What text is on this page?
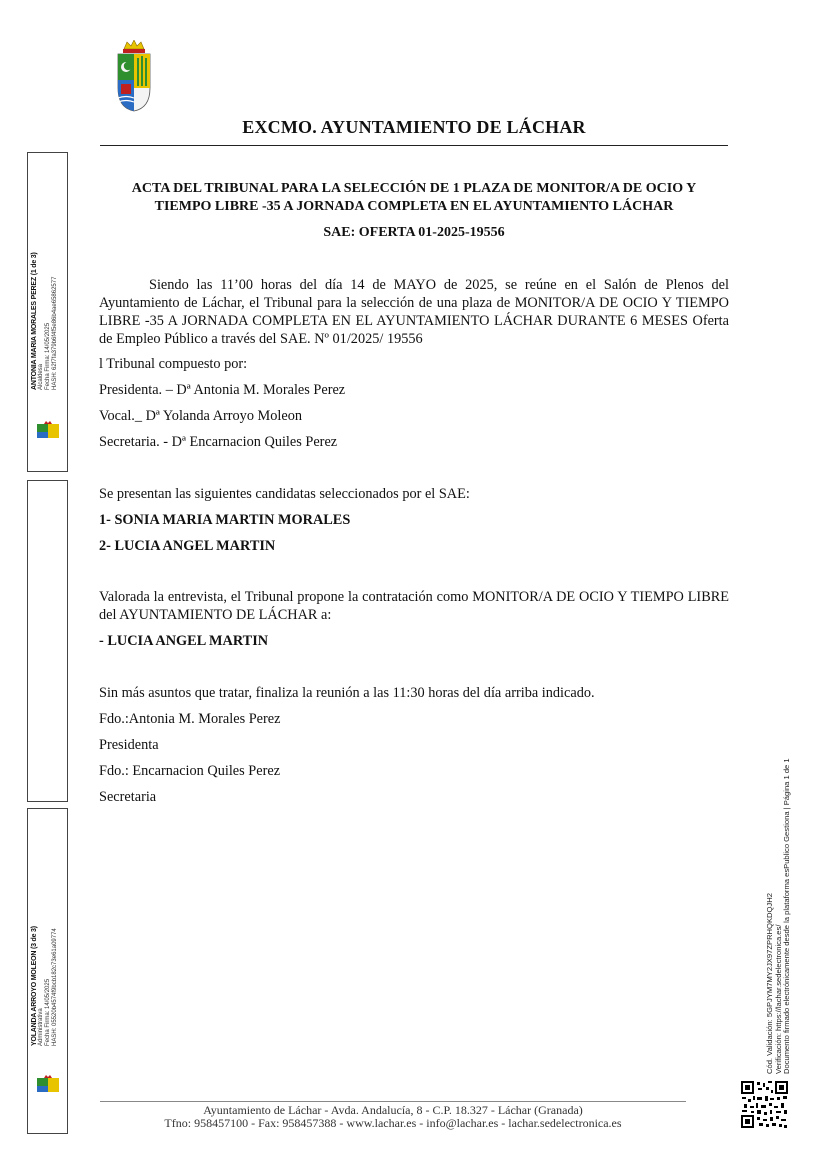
EXCMO. AYUNTAMIENTO DE LÁCHAR
ACTA DEL TRIBUNAL PARA LA SELECCIÓN DE 1 PLAZA DE MONITOR/A DE OCIO Y
TIEMPO LIBRE -35 A JORNADA COMPLETA EN EL AYUNTAMIENTO LÁCHAR
SAE: OFERTA 01-2025-19556
Siendo las 11’00 horas del día 14 de MAYO de 2025, se reúne en el Salón de Plenos del Ayuntamiento de Láchar, el Tribunal para la selección de una plaza de MONITOR/A DE OCIO Y TIEMPO LIBRE -35 A JORNADA COMPLETA EN EL AYUNTAMIENTO LÁCHAR DURANTE 6 MESES Oferta de Empleo Público a través del SAE. Nº 01/2025/ 19556
l Tribunal compuesto por:
Presidenta. – Dª Antonia M. Morales Perez
Vocal._ Dª Yolanda Arroyo Moleon
Secretaria. - Dª Encarnacion Quiles Perez
Se presentan las siguientes candidatas seleccionados por el SAE:
1- SONIA MARIA MARTIN MORALES
2- LUCIA ANGEL MARTIN
Valorada la entrevista, el Tribunal propone la contratación como MONITOR/A DE OCIO Y TIEMPO LIBRE del AYUNTAMIENTO DE LÁCHAR a:
- LUCIA ANGEL MARTIN
Sin más asuntos que tratar, finaliza la reunión a las 11:30 horas del día arriba indicado.
Fdo.:Antonia M. Morales Perez
Presidenta
Fdo.: Encarnacion Quiles Perez
Secretaria
ANTONIA MARIA MORALES PEREZ (1 de 3) Alcaldesa Fecha Firma: 14/05/2025 HASH: 62f7fa379b6f4f5e86b4ae65862577
YOLANDA ARROYO MOLEON (3 de 3) Administrativa Fecha Firma: 14/05/2025 HASH: 05520b4574f9bcb182c73e61a09774	Cód. Validación: 5GPJYM7MY2JX97ZPRHQKDQJH2 Verificación: https://lachar.sedelectronica.es/ Documento firmado electrónicamente desde la plataforma esPublico Gestiona | Página 1 de 1
Ayuntamiento de Láchar - Avda. Andalucía, 8 - C.P. 18.327 - Láchar (Granada)
Tfno: 958457100 - Fax: 958457388 - www.lachar.es - info@lachar.es - lachar.sedelectronica.es
